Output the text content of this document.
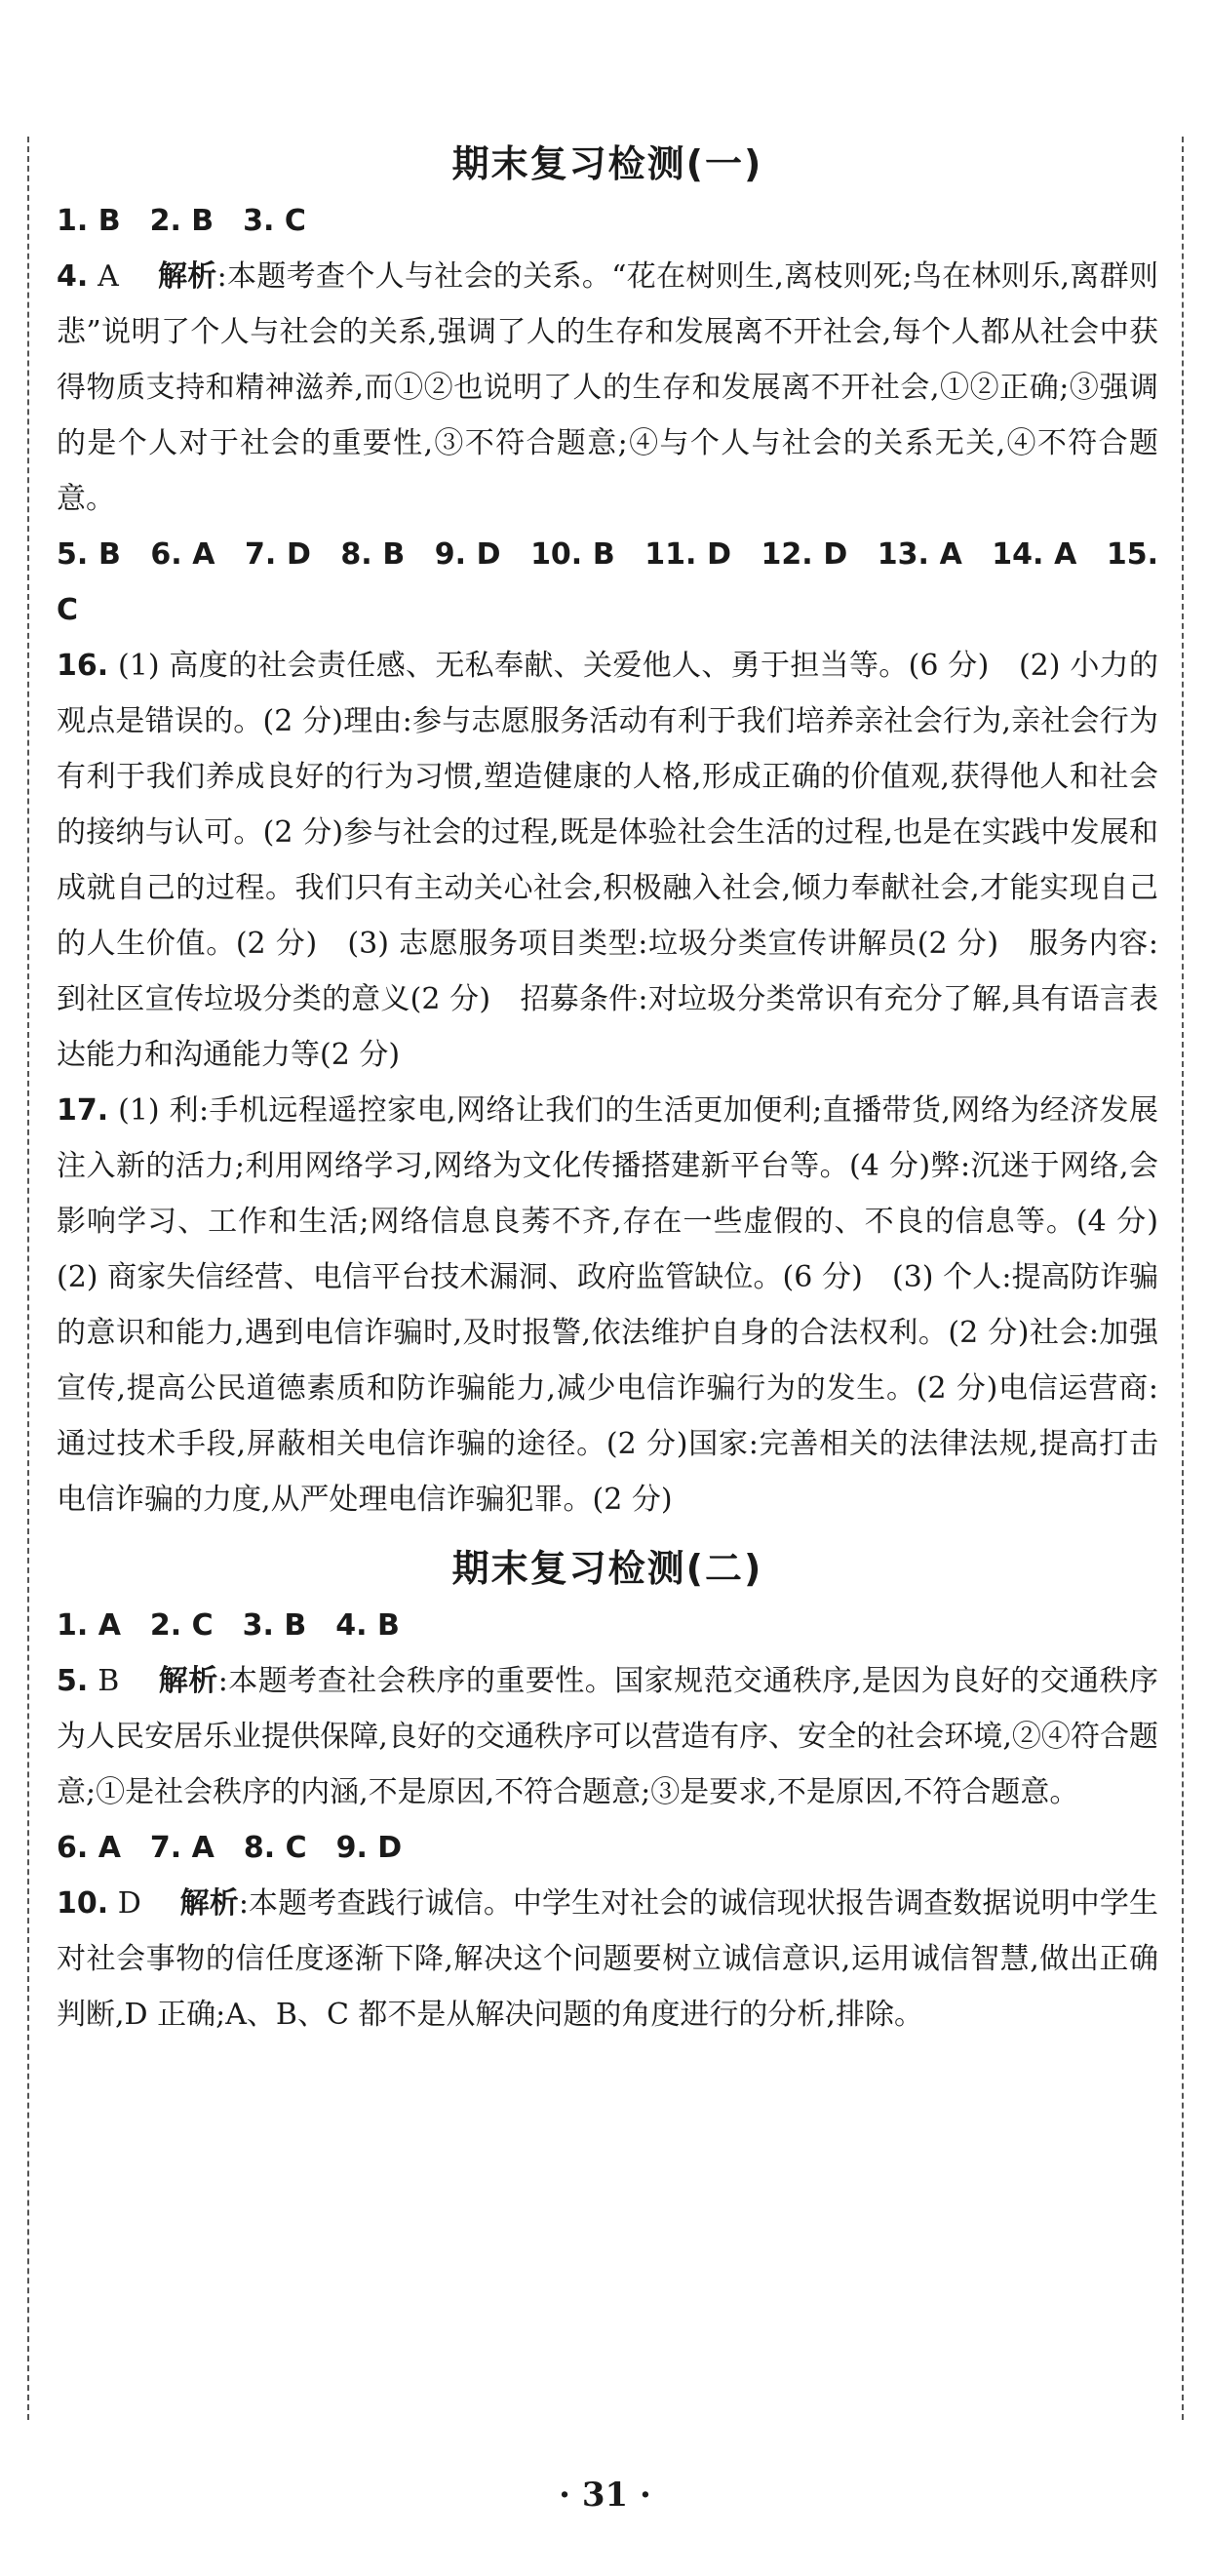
期末复习检测(一)

1. B　2. B　3. C

4. A 　 解析:本题考查个人与社会的关系。“花在树则生,离枝则死;鸟在林则乐,离群则悲”说明了个人与社会的关系,强调了人的生存和发展离不开社会,每个人都从社会中获得物质支持和精神滋养,而①②也说明了人的生存和发展离不开社会,①②正确;③强调的是个人对于社会的重要性,③不符合题意;④与个人与社会的关系无关,④不符合题意。

5. B　6. A　7. D　8. B　9. D　10. B　11. D　12. D　13. A　14. A　15. C

16. (1) 高度的社会责任感、无私奉献、关爱他人、勇于担当等。(6 分)　(2) 小力的观点是错误的。(2 分)理由:参与志愿服务活动有利于我们培养亲社会行为,亲社会行为有利于我们养成良好的行为习惯,塑造健康的人格,形成正确的价值观,获得他人和社会的接纳与认可。(2 分)参与社会的过程,既是体验社会生活的过程,也是在实践中发展和成就自己的过程。我们只有主动关心社会,积极融入社会,倾力奉献社会,才能实现自己的人生价值。(2 分)　(3) 志愿服务项目类型:垃圾分类宣传讲解员(2 分)　服务内容:到社区宣传垃圾分类的意义(2 分)　招募条件:对垃圾分类常识有充分了解,具有语言表达能力和沟通能力等(2 分)

17. (1) 利:手机远程遥控家电,网络让我们的生活更加便利;直播带货,网络为经济发展注入新的活力;利用网络学习,网络为文化传播搭建新平台等。(4 分)弊:沉迷于网络,会影响学习、工作和生活;网络信息良莠不齐,存在一些虚假的、不良的信息等。(4 分)　(2) 商家失信经营、电信平台技术漏洞、政府监管缺位。(6 分)　(3) 个人:提高防诈骗的意识和能力,遇到电信诈骗时,及时报警,依法维护自身的合法权利。(2 分)社会:加强宣传,提高公民道德素质和防诈骗能力,减少电信诈骗行为的发生。(2 分)电信运营商:通过技术手段,屏蔽相关电信诈骗的途径。(2 分)国家:完善相关的法律法规,提高打击电信诈骗的力度,从严处理电信诈骗犯罪。(2 分)

期末复习检测(二)

1. A　2. C　3. B　4. B

5. B 　 解析:本题考查社会秩序的重要性。国家规范交通秩序,是因为良好的交通秩序为人民安居乐业提供保障,良好的交通秩序可以营造有序、安全的社会环境,②④符合题意;①是社会秩序的内涵,不是原因,不符合题意;③是要求,不是原因,不符合题意。

6. A　7. A　8. C　9. D

10. D 　 解析:本题考查践行诚信。中学生对社会的诚信现状报告调查数据说明中学生对社会事物的信任度逐渐下降,解决这个问题要树立诚信意识,运用诚信智慧,做出正确判断,D 正确;A、B、C 都不是从解决问题的角度进行的分析,排除。

· 31 ·
